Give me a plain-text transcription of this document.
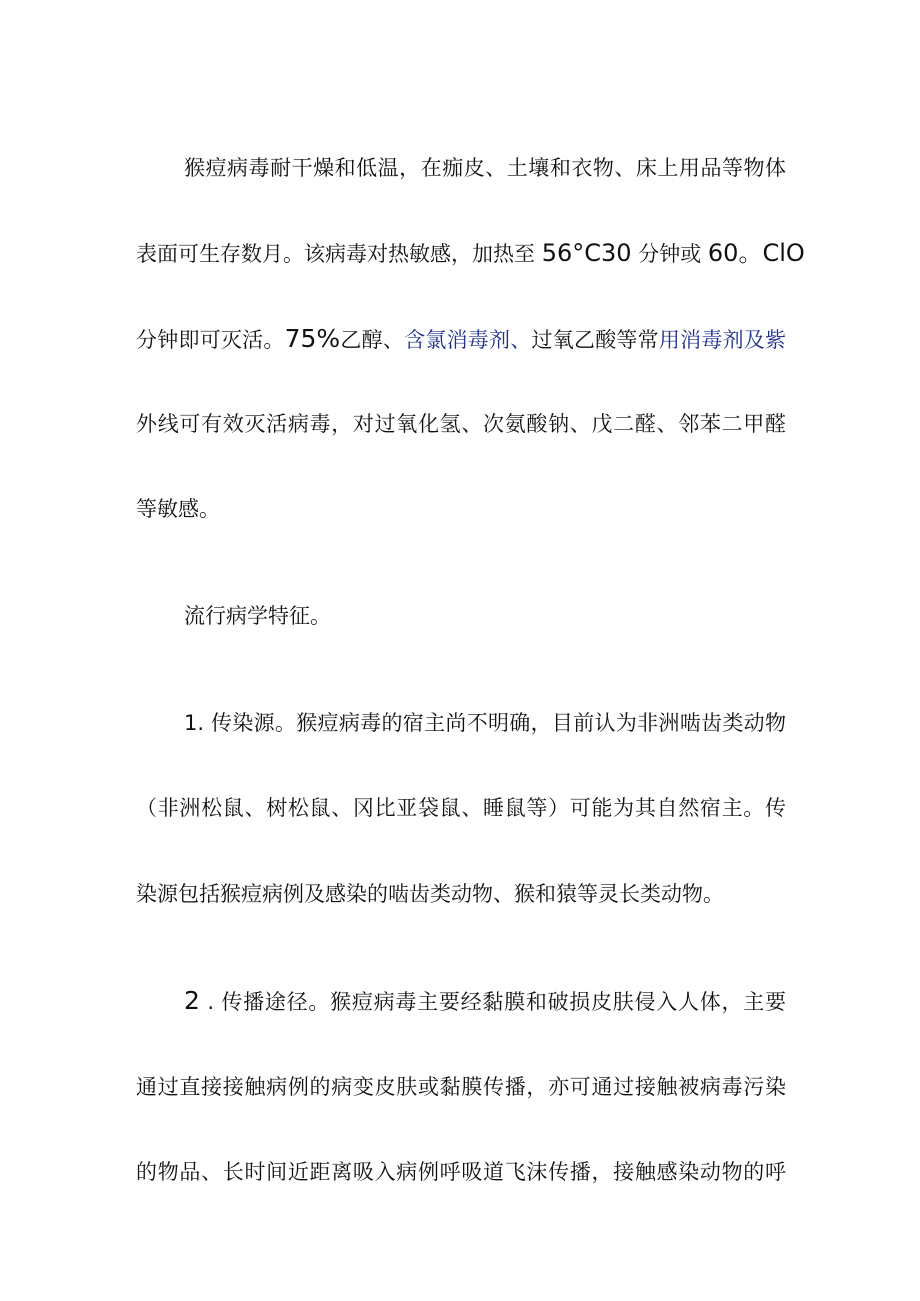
猴痘病毒耐干燥和低温，在痂皮、土壤和衣物、床上用品等物体
表面可生存数月。该病毒对热敏感，加热至 56°C30 分钟或 60。ClO
分钟即可灭活。75%乙醇、含氯消毒剂、过氧乙酸等常用消毒剂及紫
外线可有效灭活病毒，对过氧化氢、次氨酸钠、戊二醛、邻苯二甲醛
等敏感。
流行病学特征。
1. 传染源。猴痘病毒的宿主尚不明确，目前认为非洲啮齿类动物
（非洲松鼠、树松鼠、冈比亚袋鼠、睡鼠等）可能为其自然宿主。传
染源包括猴痘病例及感染的啮齿类动物、猴和猿等灵长类动物。
2 . 传播途径。猴痘病毒主要经黏膜和破损皮肤侵入人体，主要
通过直接接触病例的病变皮肤或黏膜传播，亦可通过接触被病毒污染
的物品、长时间近距离吸入病例呼吸道飞沫传播，接触感染动物的呼
